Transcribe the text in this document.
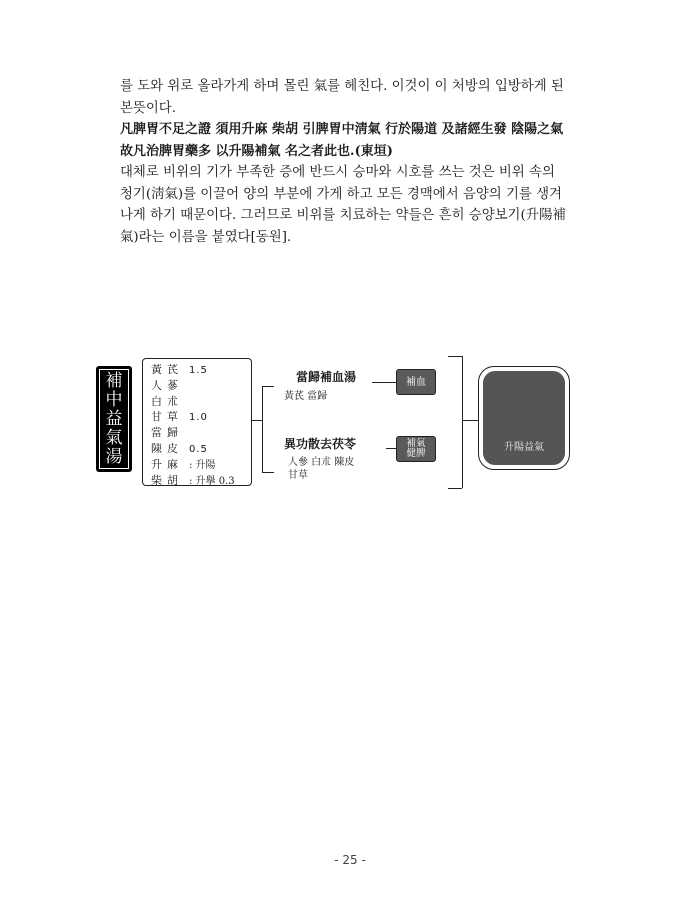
를 도와 위로 올라가게 하며 몰린 氣를 헤친다. 이것이 이 처방의 입방하게 된
본뜻이다.
凡脾胃不足之證 須用升麻 柴胡 引脾胃中淸氣 行於陽道 及諸經生發 陰陽之氣
故凡治脾胃藥多 以升陽補氣 名之者此也.(東垣)
대체로 비위의 기가 부족한 증에 반드시 승마와 시호를 쓰는 것은 비위 속의
청기(淸氣)를 이끌어 양의 부분에 가게 하고 모든 경맥에서 음양의 기를 생겨
나게 하기 때문이다. 그러므로 비위를 치료하는 약들은 흔히 승양보기(升陽補
氣)라는 이름을 붙였다[동원].
補
中
益
氣
湯
黃芪 1.5
人蔘
白朮
甘草 1.0
當歸
陳皮 0.5
升麻 : 升陽
柴胡 : 升擧 0.3
當歸補血湯
黃芪 當歸
異功散去茯苓
人參 白朮 陳皮
甘草
補血
補氣
健脾
升陽益氣
- 25 -
